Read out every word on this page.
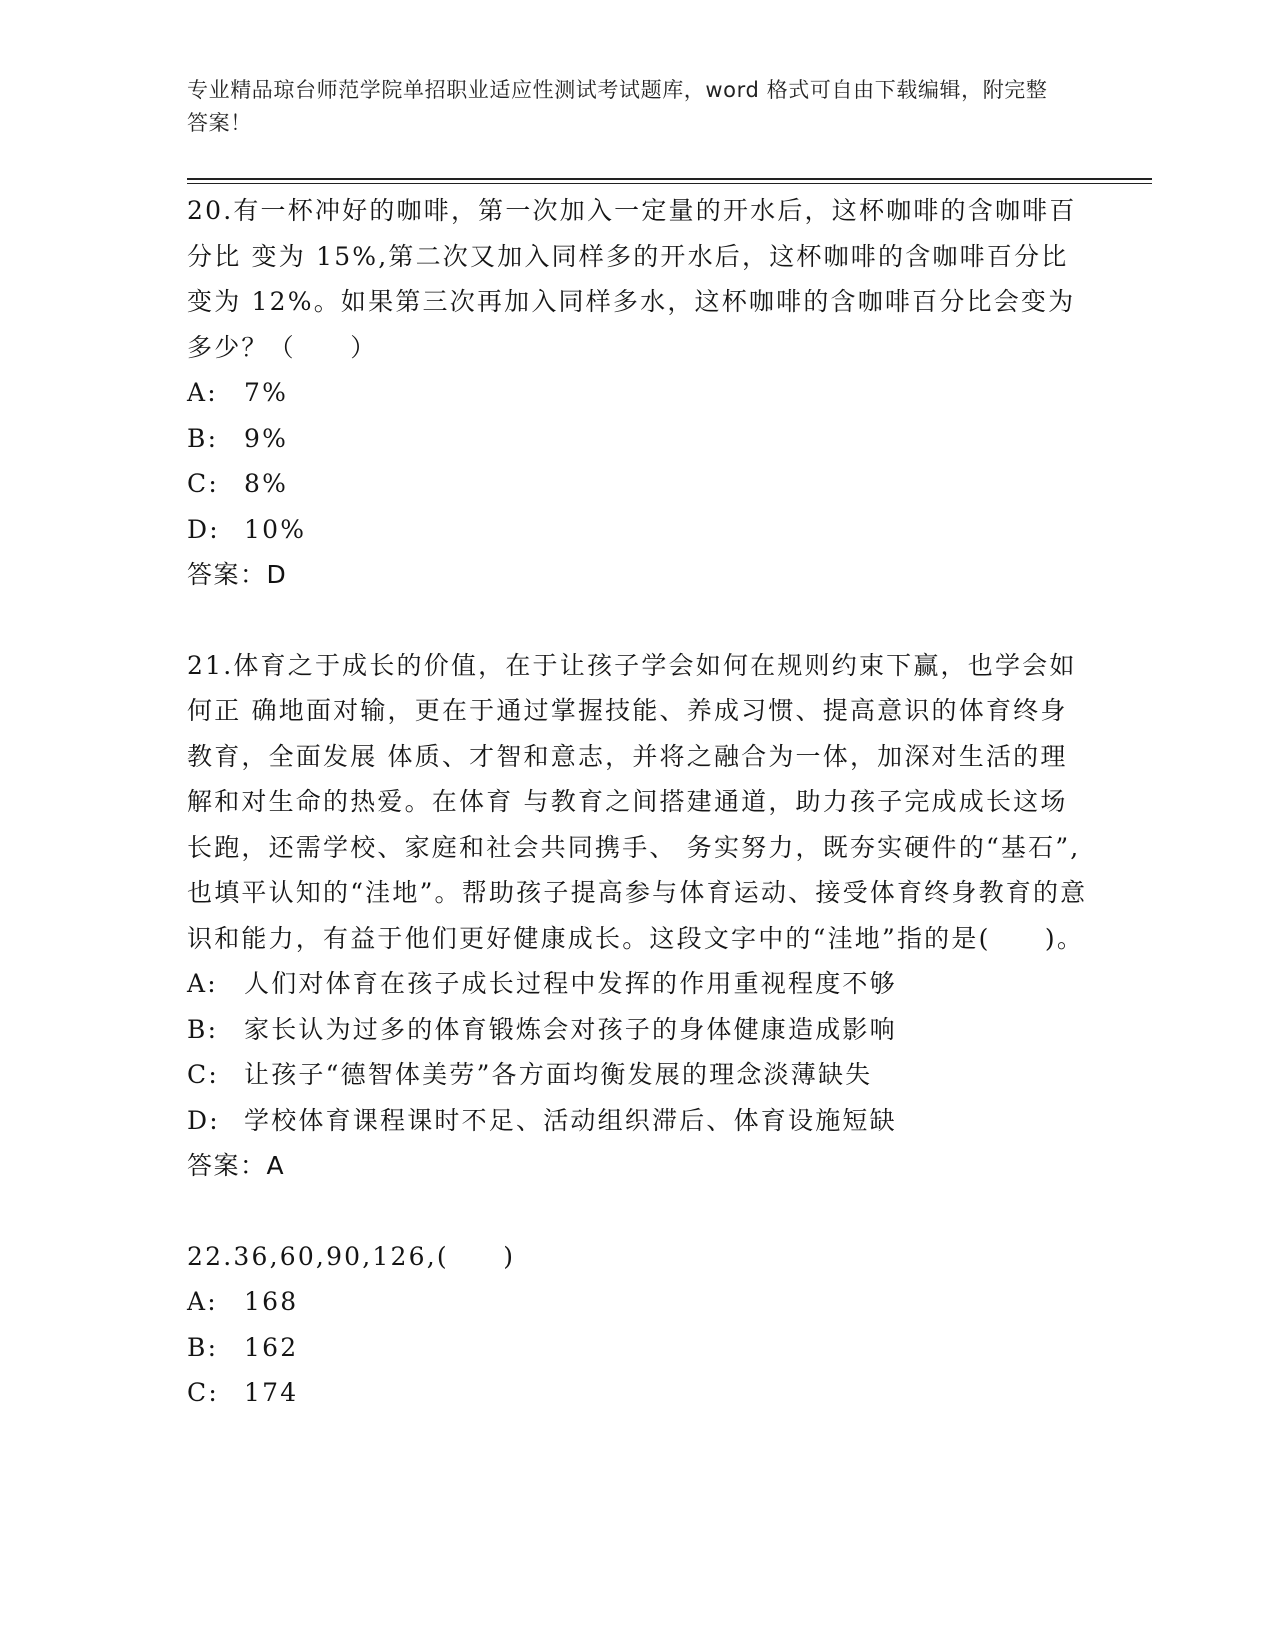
专业精品琼台师范学院单招职业适应性测试考试题库，word 格式可自由下载编辑，附完整答案！

20.有一杯冲好的咖啡，第一次加入一定量的开水后，这杯咖啡的含咖啡百分比 变为 15%,第二次又加入同样多的开水后，这杯咖啡的含咖啡百分比变为 12%。如果第三次再加入同样多水，这杯咖啡的含咖啡百分比会变为多少？（　　）

A:	7%
B:	9%
C:	8%
D: 10%

答案：D

21.体育之于成长的价值，在于让孩子学会如何在规则约束下赢，也学会如何正 确地面对输，更在于通过掌握技能、养成习惯、提高意识的体育终身教育，全面发展 体质、才智和意志，并将之融合为一体，加深对生活的理解和对生命的热爱。在体育 与教育之间搭建通道，助力孩子完成成长这场长跑，还需学校、家庭和社会共同携手、 务实努力，既夯实硬件的“基石”,也填平认知的“洼地”。帮助孩子提高参与体育运动、接受体育终身教育的意识和能力，有益于他们更好健康成长。这段文字中的“洼地”指的是(　　)。

A:	人们对体育在孩子成长过程中发挥的作用重视程度不够
B:	家长认为过多的体育锻炼会对孩子的身体健康造成影响
C:	让孩子“德智体美劳”各方面均衡发展的理念淡薄缺失
D: 学校体育课程课时不足、活动组织滞后、体育设施短缺

答案：A

22.36,60,90,126,(　　)

A:	168
B:	162
C:	174
